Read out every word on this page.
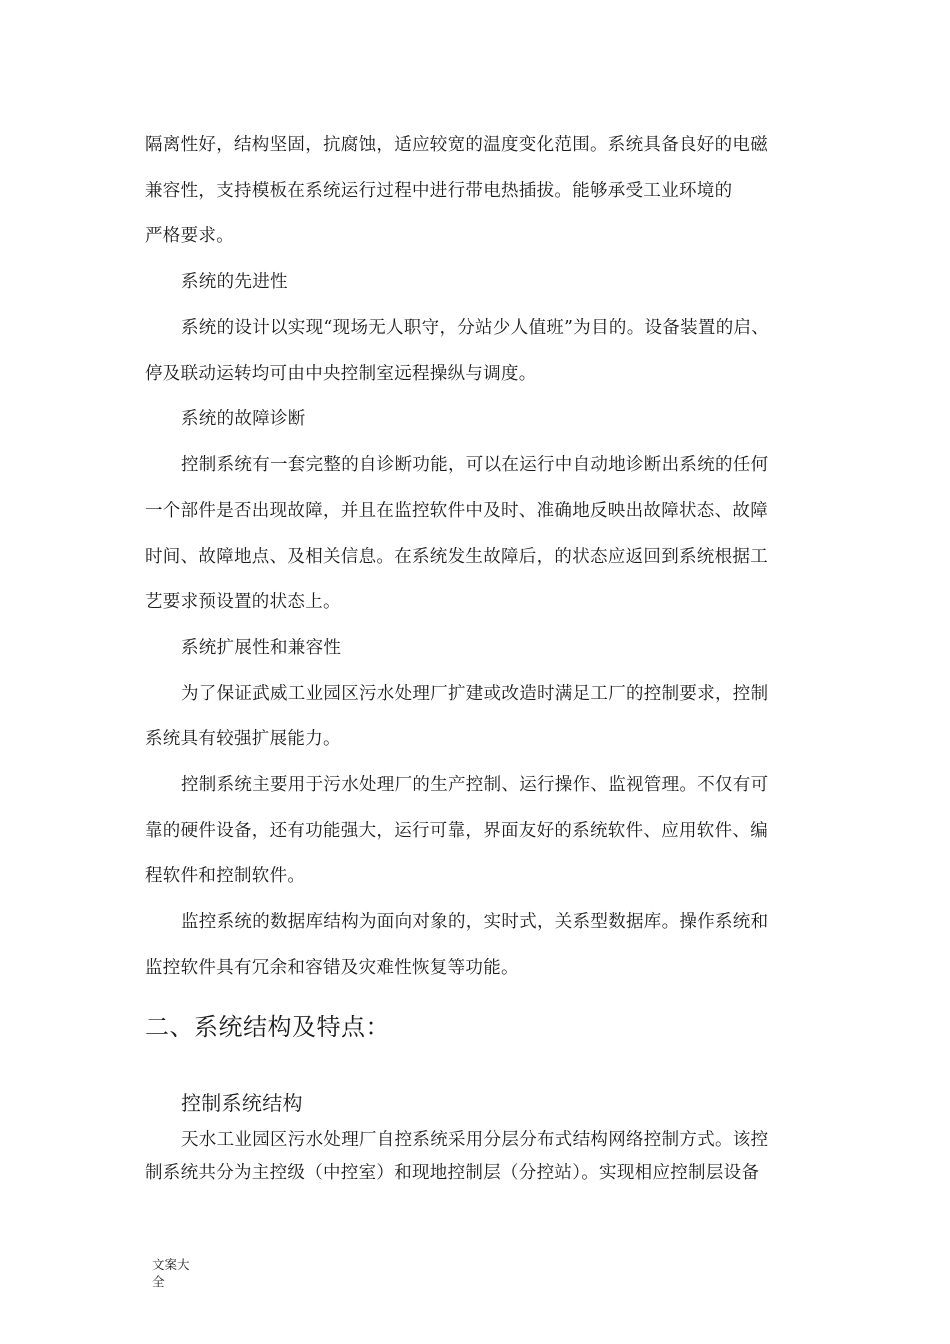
隔离性好，结构坚固，抗腐蚀，适应较宽的温度变化范围。系统具备良好的电磁
兼容性，支持模板在系统运行过程中进行带电热插拔。能够承受工业环境的
严格要求。
系统的先进性
系统的设计以实现“现场无人职守，分站少人值班”为目的。设备装置的启、
停及联动运转均可由中央控制室远程操纵与调度。
系统的故障诊断
控制系统有一套完整的自诊断功能，可以在运行中自动地诊断出系统的任何
一个部件是否出现故障，并且在监控软件中及时、准确地反映出故障状态、故障
时间、故障地点、及相关信息。在系统发生故障后，的状态应返回到系统根据工
艺要求预设置的状态上。
系统扩展性和兼容性
为了保证武威工业园区污水处理厂扩建或改造时满足工厂的控制要求，控制
系统具有较强扩展能力。
控制系统主要用于污水处理厂的生产控制、运行操作、监视管理。不仅有可
靠的硬件设备，还有功能强大，运行可靠，界面友好的系统软件、应用软件、编
程软件和控制软件。
监控系统的数据库结构为面向对象的，实时式，关系型数据库。操作系统和
监控软件具有冗余和容错及灾难性恢复等功能。
二、系统结构及特点：
控制系统结构
天水工业园区污水处理厂自控系统采用分层分布式结构网络控制方式。该控
制系统共分为主控级（中控室）和现地控制层（分控站）。实现相应控制层设备
文案大
全
